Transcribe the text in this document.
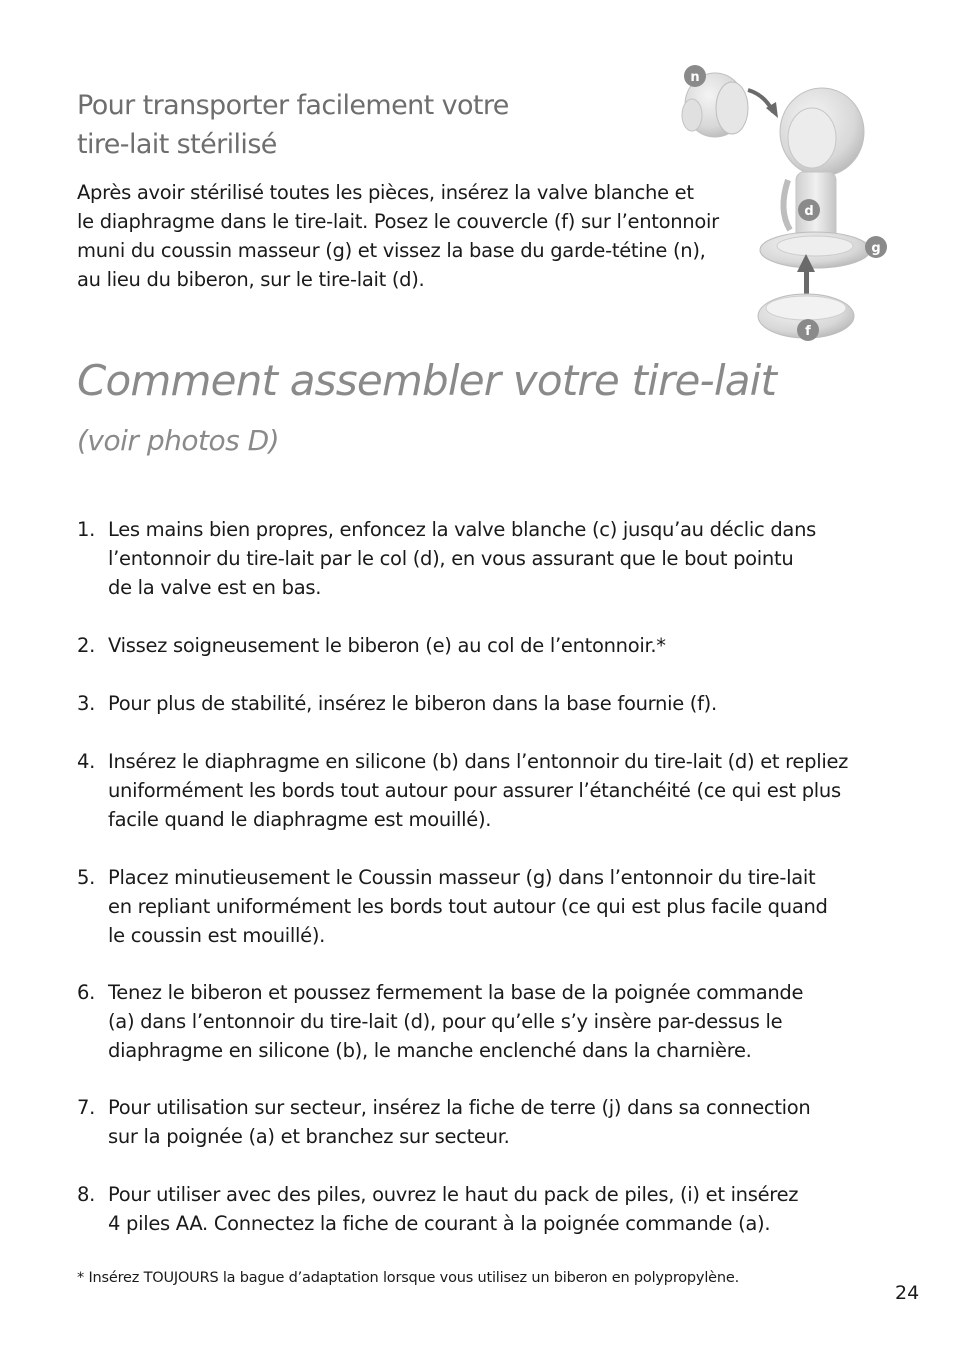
Pour transporter facilement votre
tire-lait stérilisé

Après avoir stérilisé toutes les pièces, insérez la valve blanche et
le diaphragme dans le tire-lait. Posez le couvercle (f) sur l’entonnoir
muni du coussin masseur (g) et vissez la base du garde-tétine (n),
au lieu du biberon, sur le tire-lait (d).

n
d
g
f
Comment assembler votre tire-lait

(voir photos D)

1. Les mains bien propres, enfoncez la valve blanche (c) jusqu’au déclic dans
l’entonnoir du tire-lait par le col (d), en vous assurant que le bout pointu
de la valve est en bas.
2. Vissez soigneusement le biberon (e) au col de l’entonnoir.*
3. Pour plus de stabilité, insérez le biberon dans la base fournie (f).
4. Insérez le diaphragme en silicone (b) dans l’entonnoir du tire-lait (d) et repliez
uniformément les bords tout autour pour assurer l’étanchéité (ce qui est plus
facile quand le diaphragme est mouillé).
5. Placez minutieusement le Coussin masseur (g) dans l’entonnoir du tire-lait
en repliant uniformément les bords tout autour (ce qui est plus facile quand
le coussin est mouillé).
6. Tenez le biberon et poussez fermement la base de la poignée commande
(a) dans l’entonnoir du tire-lait (d), pour qu’elle s’y insère par-dessus le
diaphragme en silicone (b), le manche enclenché dans la charnière.
7. Pour utilisation sur secteur, insérez la fiche de terre (j) dans sa connection
sur la poignée (a) et branchez sur secteur.
8. Pour utiliser avec des piles, ouvrez le haut du pack de piles, (i) et insérez
4 piles AA. Connectez la fiche de courant à la poignée commande (a).

* Insérez TOUJOURS la bague d’adaptation lorsque vous utilisez un biberon en polypropylène.

24
